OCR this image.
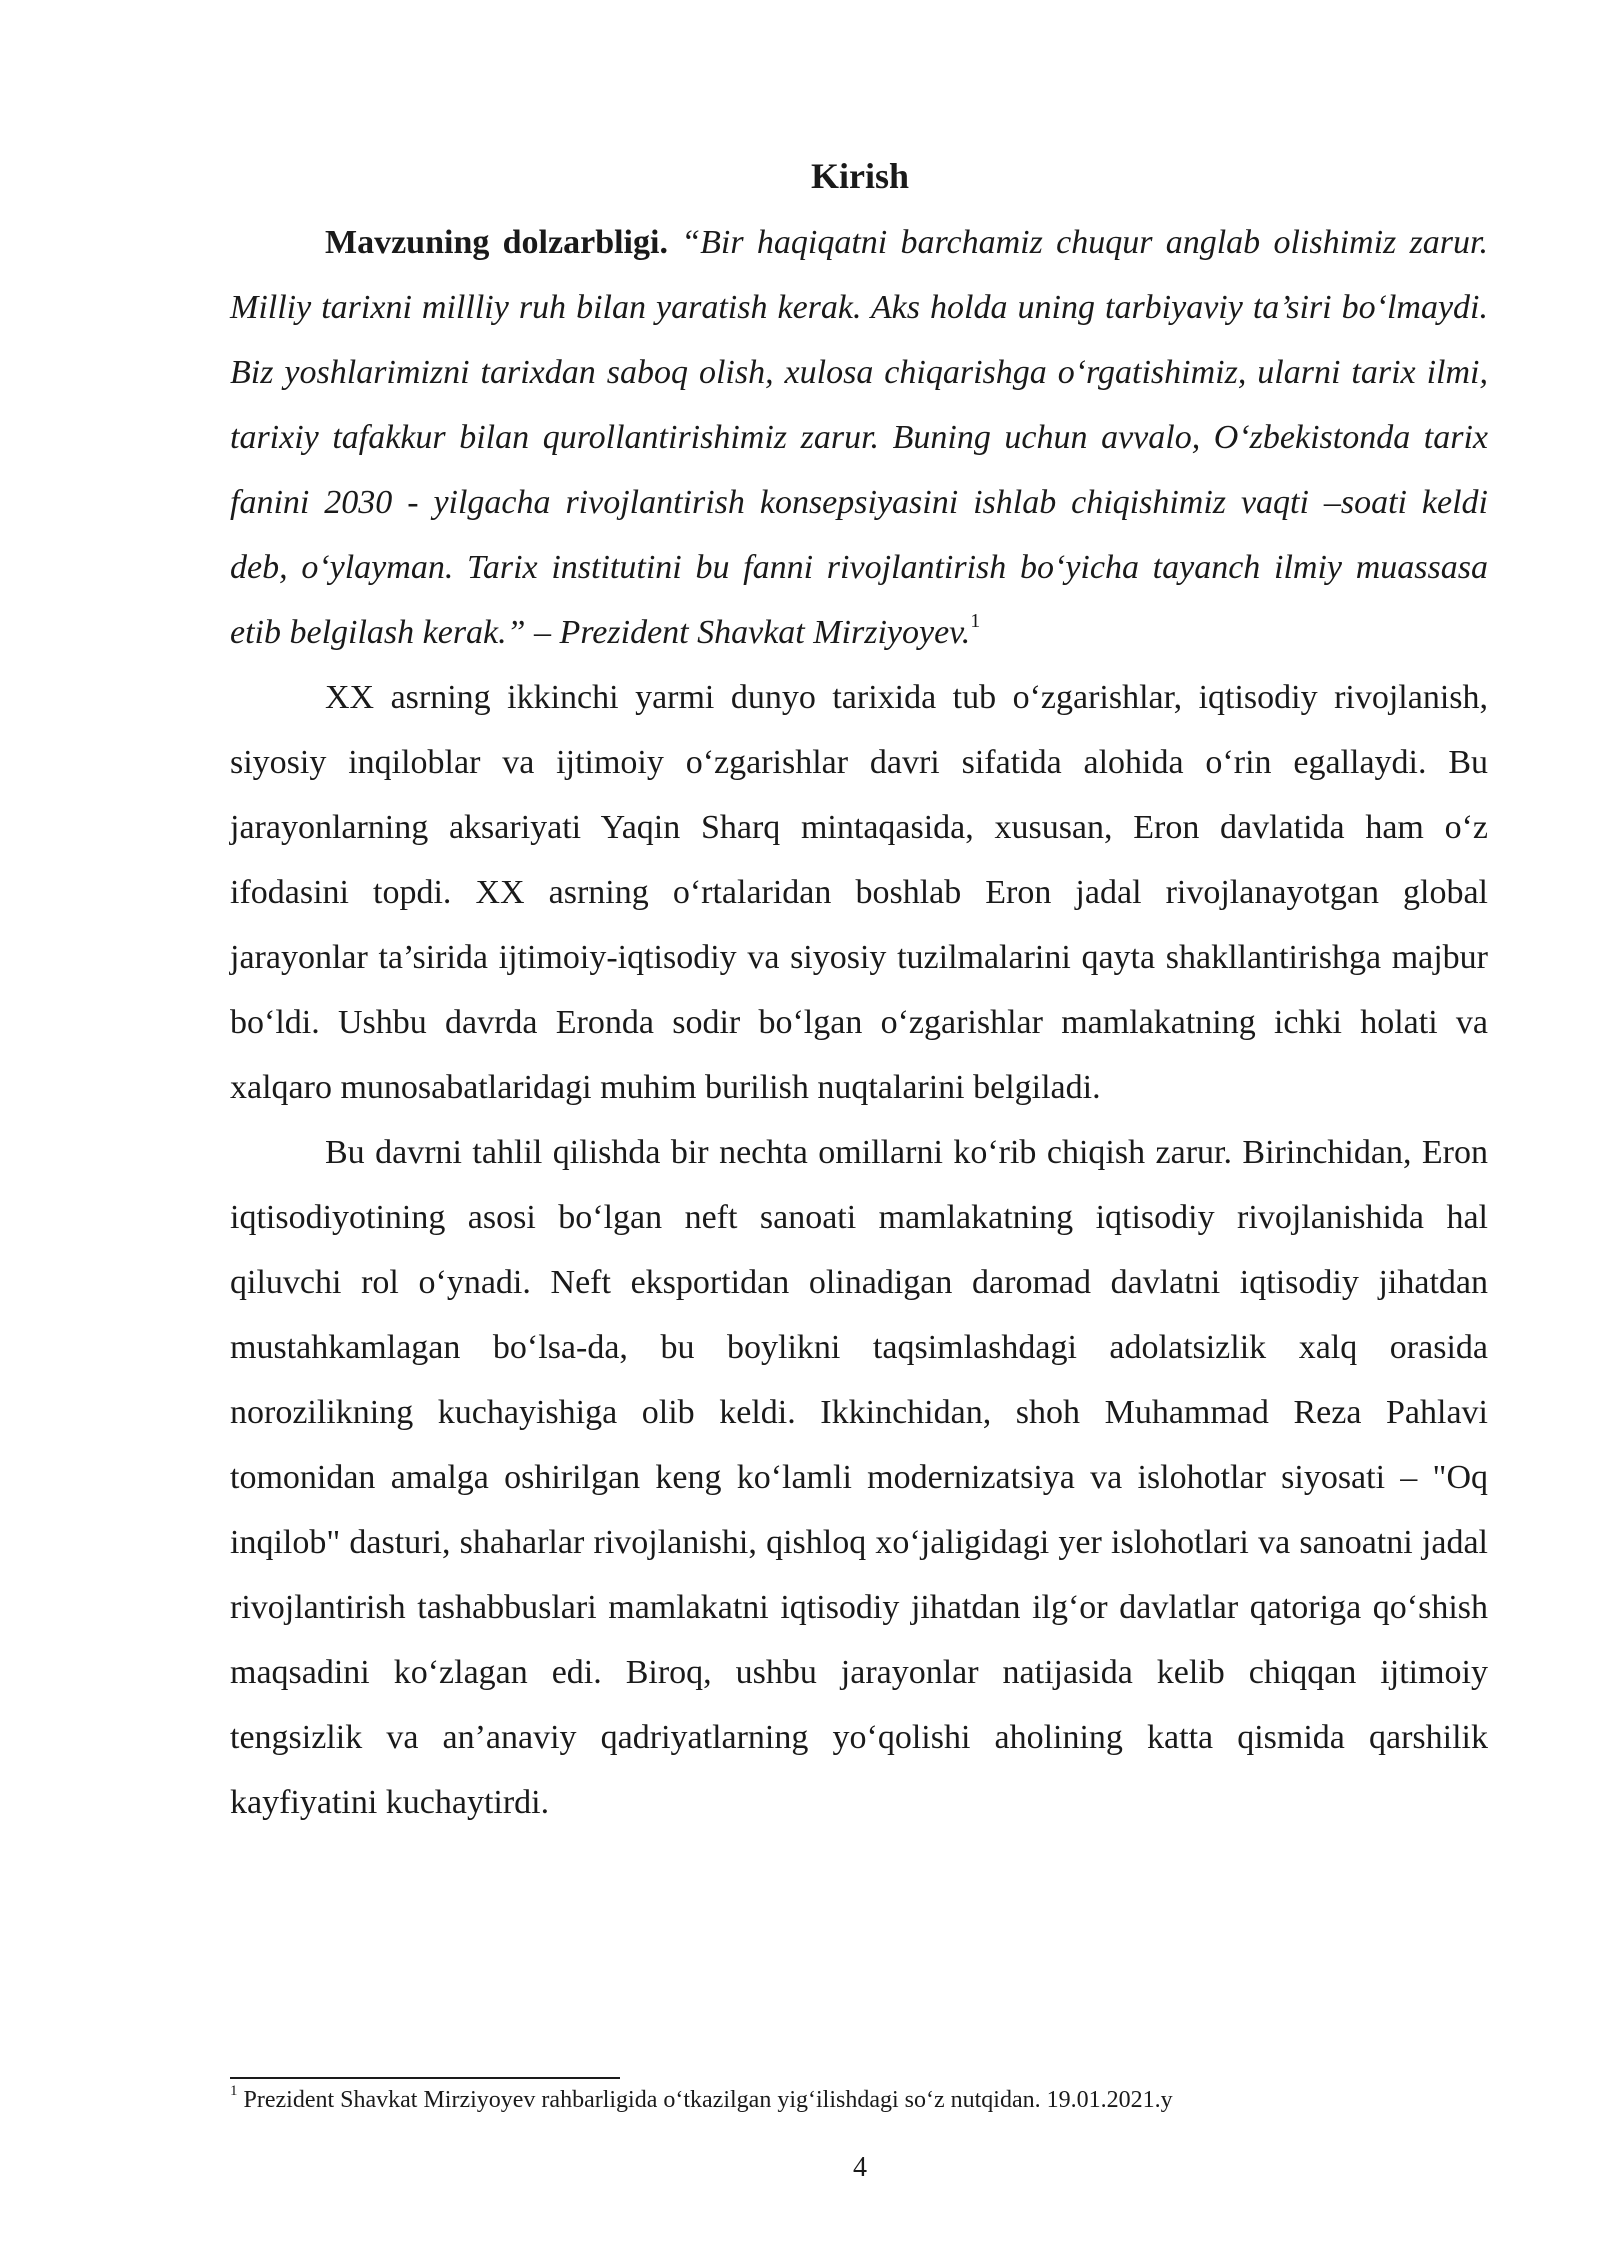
Kirish

Mavzuning dolzarbligi. “Bir haqiqatni barchamiz chuqur anglab olishimiz zarur. Milliy tarixni millliy ruh bilan yaratish kerak. Aks holda uning tarbiyaviy ta’siri bo‘lmaydi. Biz yoshlarimizni tarixdan saboq olish, xulosa chiqarishga o‘rgatishimiz, ularni tarix ilmi, tarixiy tafakkur bilan qurollantirishimiz zarur. Buning uchun avvalo, O‘zbekistonda tarix fanini 2030 - yilgacha rivojlantirish konsepsiyasini ishlab chiqishimiz vaqti –soati keldi deb, o‘ylayman. Tarix institutini bu fanni rivojlantirish bo‘yicha tayanch ilmiy muassasa etib belgilash kerak.” – Prezident Shavkat Mirziyoyev.$^1$

XX asrning ikkinchi yarmi dunyo tarixida tub o‘zgarishlar, iqtisodiy rivojlanish, siyosiy inqiloblar va ijtimoiy o‘zgarishlar davri sifatida alohida o‘rin egallaydi. Bu jarayonlarning aksariyati Yaqin Sharq mintaqasida, xususan, Eron davlatida ham o‘z ifodasini topdi. XX asrning o‘rtalaridan boshlab Eron jadal rivojlanayotgan global jarayonlar ta’sirida ijtimoiy-iqtisodiy va siyosiy tuzilmalarini qayta shakllantirishga majbur bo‘ldi. Ushbu davrda Eronda sodir bo‘lgan o‘zgarishlar mamlakatning ichki holati va xalqaro munosabatlaridagi muhim burilish nuqtalarini belgiladi.

Bu davrni tahlil qilishda bir nechta omillarni ko‘rib chiqish zarur. Birinchidan, Eron iqtisodiyotining asosi bo‘lgan neft sanoati mamlakatning iqtisodiy rivojlanishida hal qiluvchi rol o‘ynadi. Neft eksportidan olinadigan daromad davlatni iqtisodiy jihatdan mustahkamlagan bo‘lsa-da, bu boylikni taqsimlashdagi adolatsizlik xalq orasida norozilikning kuchayishiga olib keldi. Ikkinchidan, shoh Muhammad Reza Pahlavi tomonidan amalga oshirilgan keng ko‘lamli modernizatsiya va islohotlar siyosati – "Oq inqilob" dasturi, shaharlar rivojlanishi, qishloq xo‘jaligidagi yer islohotlari va sanoatni jadal rivojlantirish tashabbuslari mamlakatni iqtisodiy jihatdan ilg‘or davlatlar qatoriga qo‘shish maqsadini ko‘zlagan edi. Biroq, ushbu jarayonlar natijasida kelib chiqqan ijtimoiy tengsizlik va an’anaviy qadriyatlarning yo‘qolishi aholining katta qismida qarshilik kayfiyatini kuchaytirdi.

$^1$ Prezident Shavkat Mirziyoyev rahbarligida o‘tkazilgan yig‘ilishdagi so‘z nutqidan. 19.01.2021.y
4
